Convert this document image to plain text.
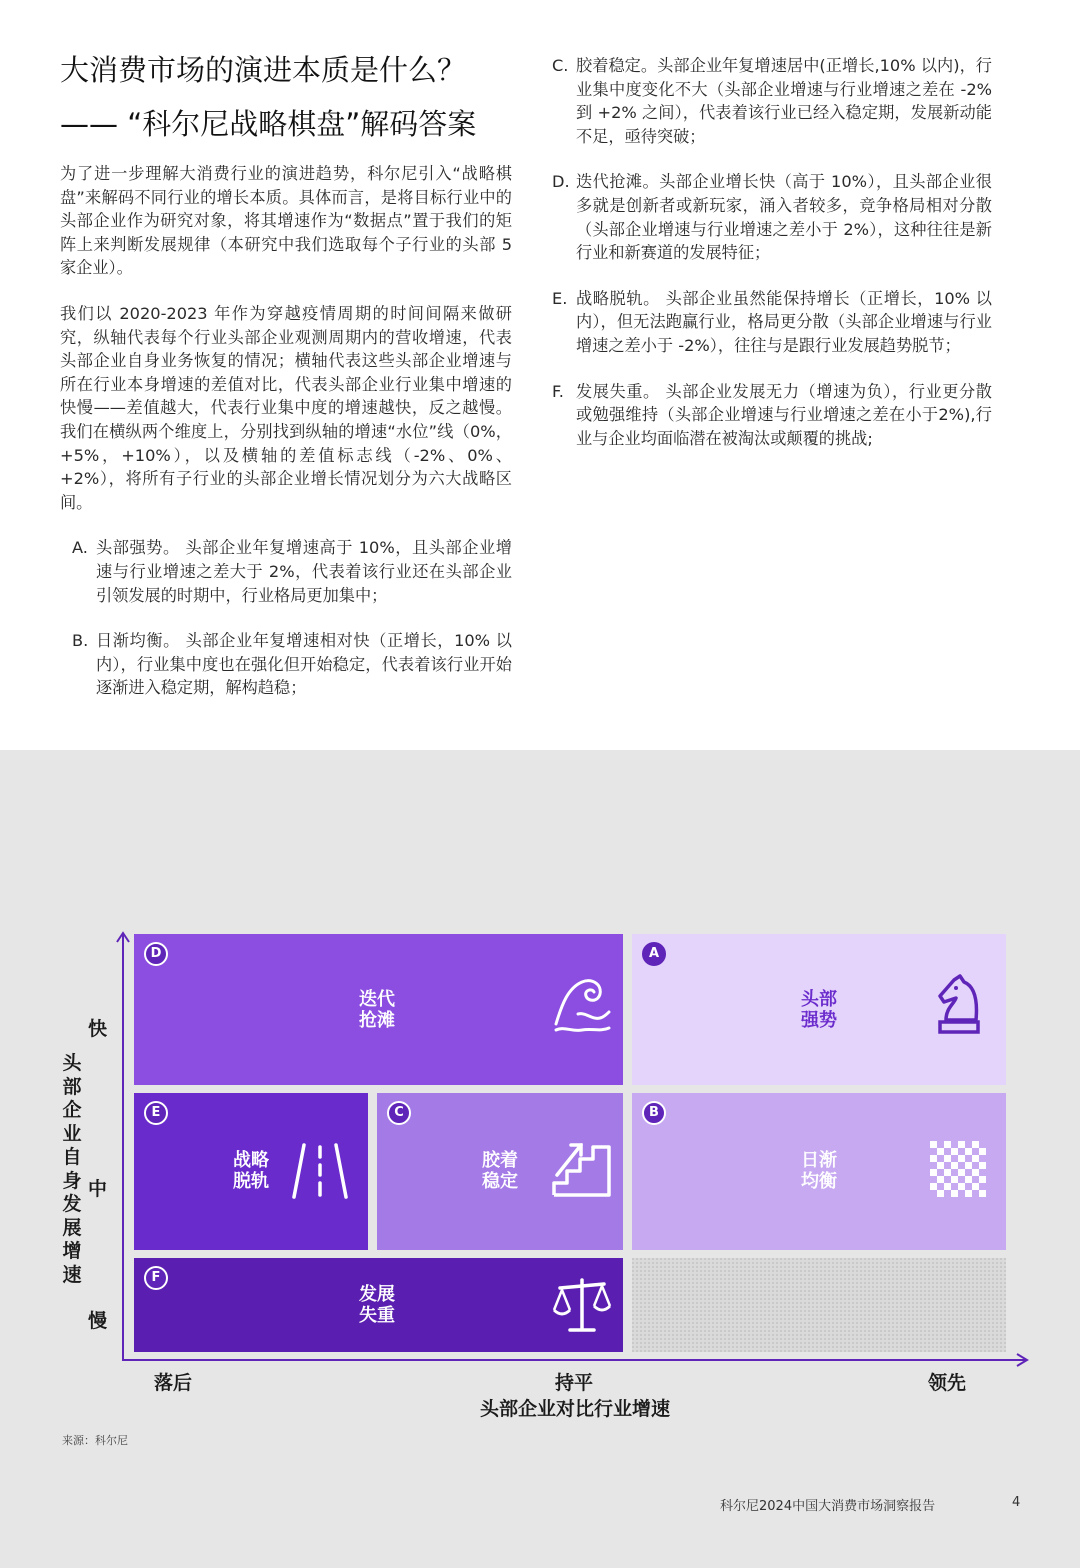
大消费市场的演进本质是什么？
—— “科尔尼战略棋盘”解码答案

为了进一步理解大消费行业的演进趋势，科尔尼引入“战略棋盘”来解码不同行业的增长本质。具体而言，是将目标行业中的头部企业作为研究对象，将其增速作为“数据点”置于我们的矩阵上来判断发展规律（本研究中我们选取每个子行业的头部 5 家企业）。

我们以 2020-2023 年作为穿越疫情周期的时间间隔来做研究，纵轴代表每个行业头部企业观测周期内的营收增速，代表头部企业自身业务恢复的情况；横轴代表这些头部企业增速与所在行业本身增速的差值对比，代表头部企业行业集中增速的快慢——差值越大，代表行业集中度的增速越快，反之越慢。我们在横纵两个维度上，分别找到纵轴的增速“水位”线（0%，+5%，+10%），以及横轴的差值标志线（-2%、0%、+2%），将所有子行业的头部企业增长情况划分为六大战略区间。

A. 头部强势。 头部企业年复增速高于 10%，且头部企业增速与行业增速之差大于 2%，代表着该行业还在头部企业引领发展的时期中，行业格局更加集中；
B. 日渐均衡。 头部企业年复增速相对快（正增长，10% 以内），行业集中度也在强化但开始稳定，代表着该行业开始逐渐进入稳定期，解构趋稳；
C. 胶着稳定。头部企业年复增速居中(正增长,10% 以内)，行业集中度变化不大（头部企业增速与行业增速之差在 -2% 到 +2% 之间），代表着该行业已经入稳定期，发展新动能不足，亟待突破；
D. 迭代抢滩。头部企业增长快（高于 10%），且头部企业很多就是创新者或新玩家，涌入者较多，竞争格局相对分散（头部企业增速与行业增速之差小于 2%），这种往往是新行业和新赛道的发展特征；
E. 战略脱轨。 头部企业虽然能保持增长（正增长，10% 以内），但无法跑赢行业，格局更分散（头部企业增速与行业增速之差小于 -2%），往往与是跟行业发展趋势脱节；
F. 发展失重。 头部企业发展无力（增速为负），行业更分散或勉强维持（头部企业增速与行业增速之差在小于2%),行业与企业均面临潜在被淘汰或颠覆的挑战;
头部企业自身发展增速
快
中
慢
落后	持平	领先
头部企业对比行业增速
D
迭代
抢滩
A
头部
强势
E
战略
脱轨
C
胶着
稳定
B
日渐
均衡
F
发展
失重
来源：科尔尼
科尔尼2024中国大消费市场洞察报告	4
